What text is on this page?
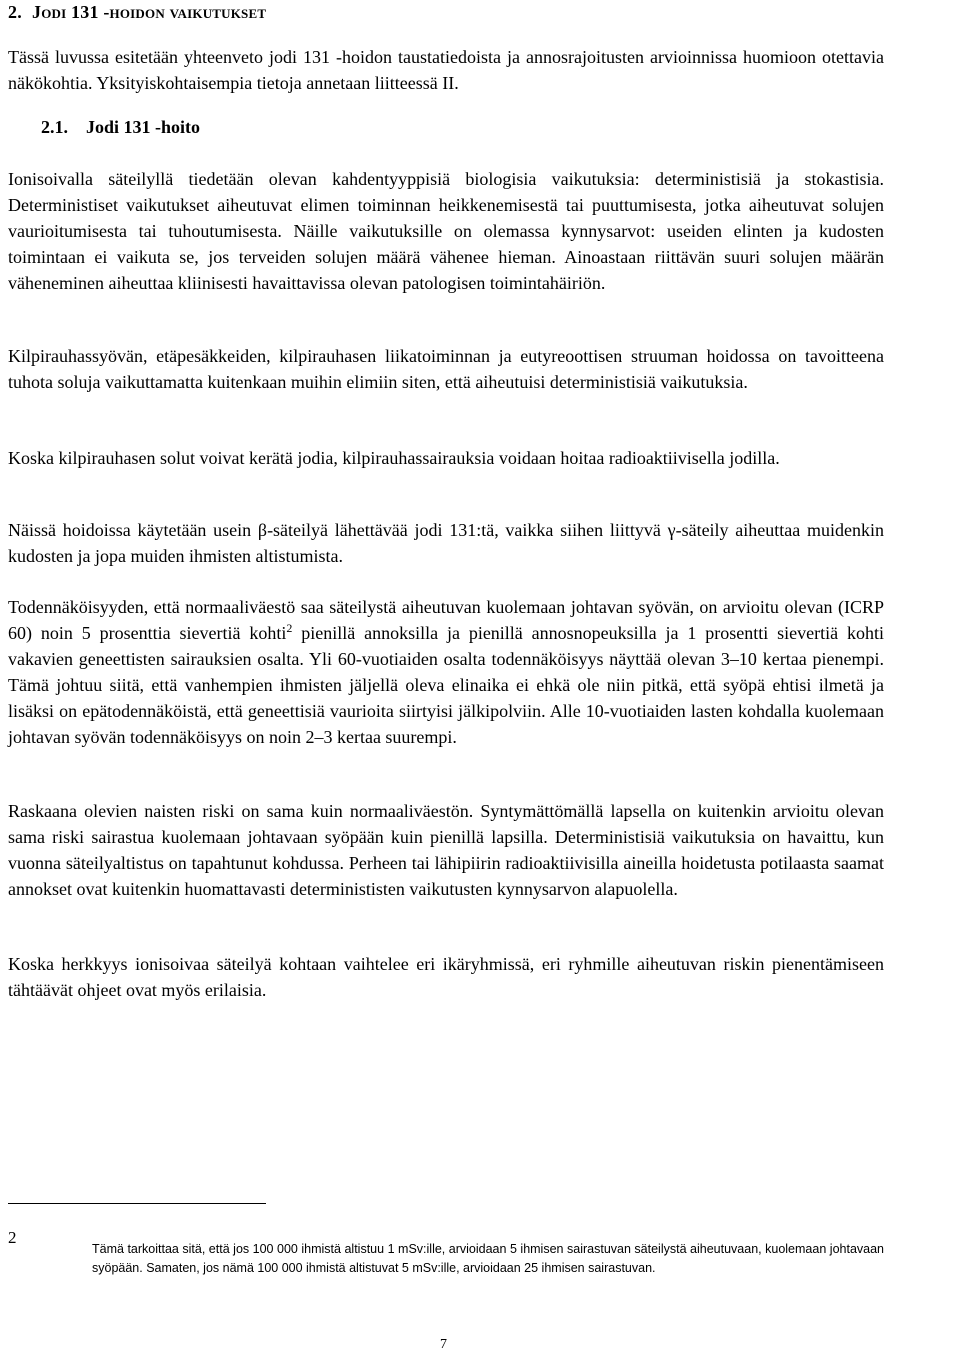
2. Jodi 131 -hoidon vaikutukset

Tässä luvussa esitetään yhteenveto jodi 131 -hoidon taustatiedoista ja annosrajoitusten arvioinnissa huomioon otettavia näkökohtia. Yksityiskohtaisempia tietoja annetaan liitteessä II.

2.1. Jodi 131 -hoito

Ionisoivalla säteilyllä tiedetään olevan kahdentyyppisiä biologisia vaikutuksia: deterministisiä ja stokastisia. Deterministiset vaikutukset aiheutuvat elimen toiminnan heikkenemisestä tai puuttumisesta, jotka aiheutuvat solujen vaurioitumisesta tai tuhoutumisesta. Näille vaikutuksille on olemassa kynnysarvot: useiden elinten ja kudosten toimintaan ei vaikuta se, jos terveiden solujen määrä vähenee hieman. Ainoastaan riittävän suuri solujen määrän väheneminen aiheuttaa kliinisesti havaittavissa olevan patologisen toimintahäiriön.

Kilpirauhassyövän, etäpesäkkeiden, kilpirauhasen liikatoiminnan ja eutyreoottisen struuman hoidossa on tavoitteena tuhota soluja vaikuttamatta kuitenkaan muihin elimiin siten, että aiheutuisi deterministisiä vaikutuksia.

Koska kilpirauhasen solut voivat kerätä jodia, kilpirauhassairauksia voidaan hoitaa radioaktiivisella jodilla.

Näissä hoidoissa käytetään usein β-säteilyä lähettävää jodi 131:tä, vaikka siihen liittyvä γ-säteily aiheuttaa muidenkin kudosten ja jopa muiden ihmisten altistumista.

Todennäköisyyden, että normaaliväestö saa säteilystä aiheutuvan kuolemaan johtavan syövän, on arvioitu olevan (ICRP 60) noin 5 prosenttia sievertiä kohti$^2$ pienillä annoksilla ja pienillä annosnopeuksilla ja 1 prosentti sievertiä kohti vakavien geneettisten sairauksien osalta. Yli 60-vuotiaiden osalta todennäköisyys näyttää olevan 3–10 kertaa pienempi. Tämä johtuu siitä, että vanhempien ihmisten jäljellä oleva elinaika ei ehkä ole niin pitkä, että syöpä ehtisi ilmetä ja lisäksi on epätodennäköistä, että geneettisiä vaurioita siirtyisi jälkipolviin. Alle 10-vuotiaiden lasten kohdalla kuolemaan johtavan syövän todennäköisyys on noin 2–3 kertaa suurempi.

Raskaana olevien naisten riski on sama kuin normaaliväestön. Syntymättömällä lapsella on kuitenkin arvioitu olevan sama riski sairastua kuolemaan johtavaan syöpään kuin pienillä lapsilla. Deterministisiä vaikutuksia on havaittu, kun vuonna säteilyaltistus on tapahtunut kohdussa. Perheen tai lähipiirin radioaktiivisilla aineilla hoidetusta potilaasta saamat annokset ovat kuitenkin huomattavasti determinististen vaikutusten kynnysarvon alapuolella.

Koska herkkyys ionisoivaa säteilyä kohtaan vaihtelee eri ikäryhmissä, eri ryhmille aiheutuvan riskin pienentämiseen tähtäävät ohjeet ovat myös erilaisia.

2
Tämä tarkoittaa sitä, että jos 100 000 ihmistä altistuu 1 mSv:ille, arvioidaan 5 ihmisen sairastuvan säteilystä aiheutuvaan, kuolemaan johtavaan syöpään. Samaten, jos nämä 100 000 ihmistä altistuvat 5 mSv:ille, arvioidaan 25 ihmisen sairastuvan.
7
